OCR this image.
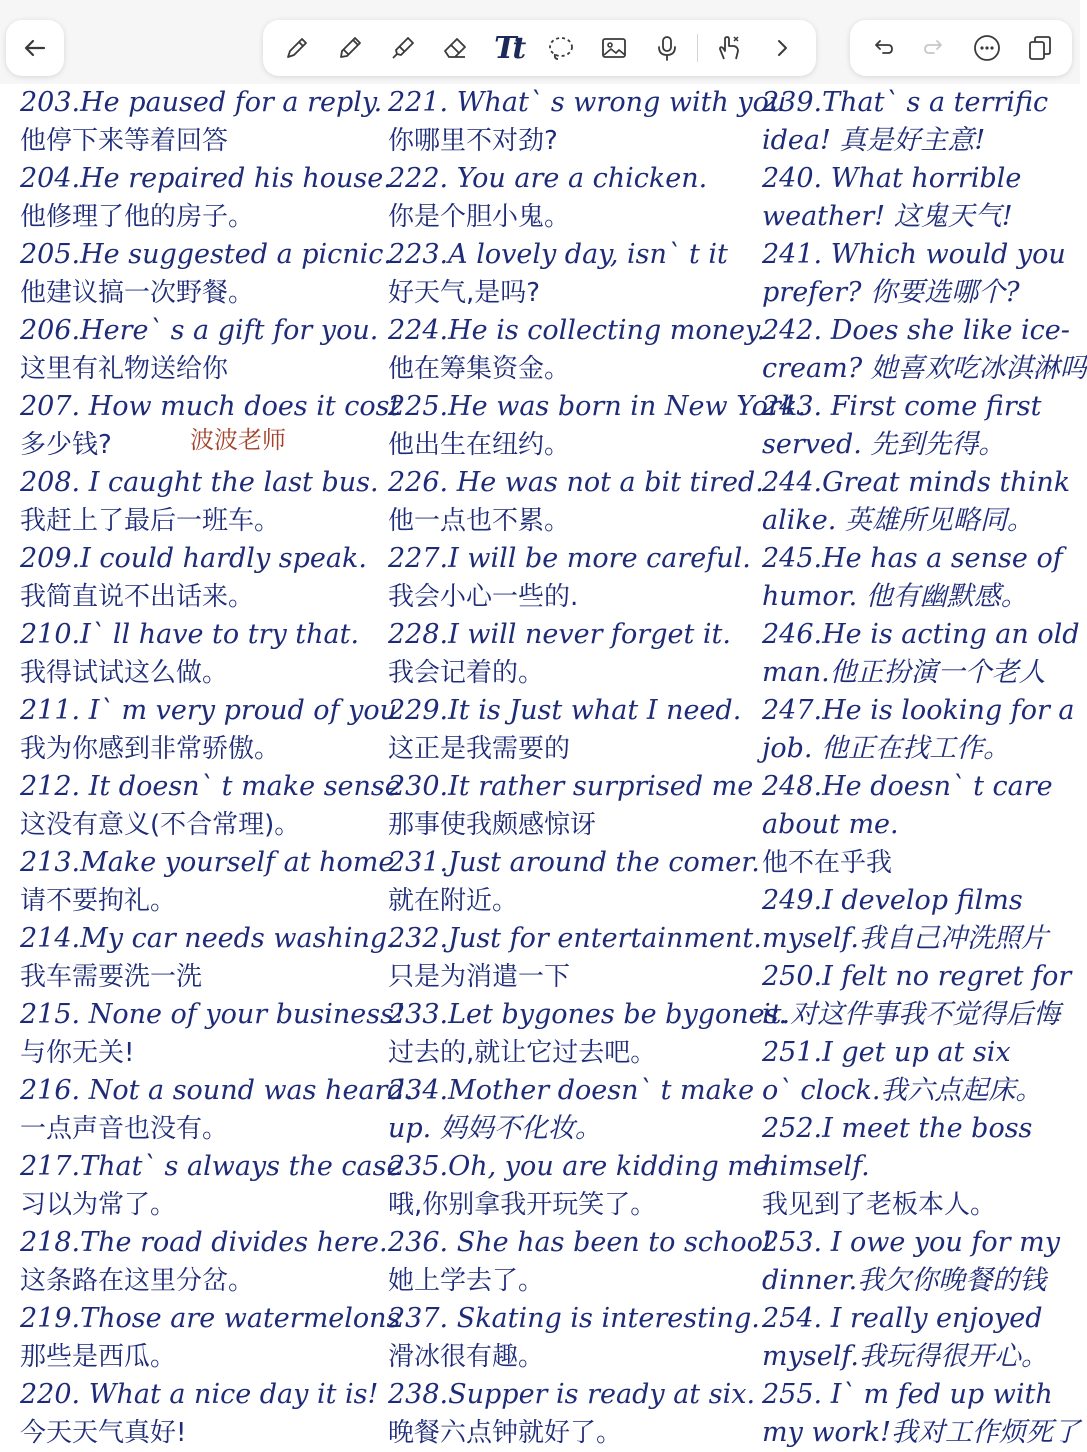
Tt
203.He paused for a reply.
他停下来等着回答
204.He repaired his house.
他修理了他的房子。
205.He suggested a picnic.
他建议搞一次野餐。
206.Here` s a gift for you.
这里有礼物送给你
207. How much does it cost
多少钱?
208. I caught the last bus.
我赶上了最后一班车。
209.I could hardly speak.
我简直说不出话来。
210.I` ll have to try that.
我得试试这么做。
211. I` m very proud of you
我为你感到非常骄傲。
212. It doesn` t make sense
这没有意义(不合常理)。
213.Make yourself at home
请不要拘礼。
214.My car needs washing.
我车需要洗一洗
215. None of your business!
与你无关!
216. Not a sound was heard.
一点声音也没有。
217.That` s always the case
习以为常了。
218.The road divides here.
这条路在这里分岔。
219.Those are watermelons
那些是西瓜。
220. What a nice day it is!
今天天气真好!
221. What` s wrong with you
你哪里不对劲?
222. You are a chicken.
你是个胆小鬼。
223.A lovely day, isn` t it
好天气,是吗?
224.He is collecting money.
他在筹集资金。
225.He was born in New York.
他出生在纽约。
226. He was not a bit tired.
他一点也不累。
227.I will be more careful.
我会小心一些的.
228.I will never forget it.
我会记着的。
229.It is Just what I need.
这正是我需要的
230.It rather surprised me
那事使我颇感惊讶
231.Just around the comer.
就在附近。
232.Just for entertainment.
只是为消遣一下
233.Let bygones be bygones.
过去的,就让它过去吧。
234.Mother doesn` t make
up. 妈妈不化妆。
235.Oh, you are kidding me.
哦,你别拿我开玩笑了。
236. She has been to school
她上学去了。
237. Skating is interesting.
滑冰很有趣。
238.Supper is ready at six.
晚餐六点钟就好了。
239.That` s a terrific
idea! 真是好主意!
240. What horrible
weather! 这鬼天气!
241. Which would you
prefer? 你要选哪个?
242. Does she like ice-
cream? 她喜欢吃冰淇淋吗
243. First come first
served. 先到先得。
244.Great minds think
alike. 英雄所见略同。
245.He has a sense of
humor. 他有幽默感。
246.He is acting an old
man.他正扮演一个老人
247.He is looking for a
job. 他正在找工作。
248.He doesn` t care
about me.
他不在乎我
249.I develop films
myself.我自己冲洗照片
250.I felt no regret for
it.对这件事我不觉得后悔
251.I get up at six
o` clock.我六点起床。
252.I meet the boss
himself.
我见到了老板本人。
253. I owe you for my
dinner.我欠你晚餐的钱
254. I really enjoyed
myself.我玩得很开心。
255. I` m fed up with
my work!我对工作烦死了
波波老师
